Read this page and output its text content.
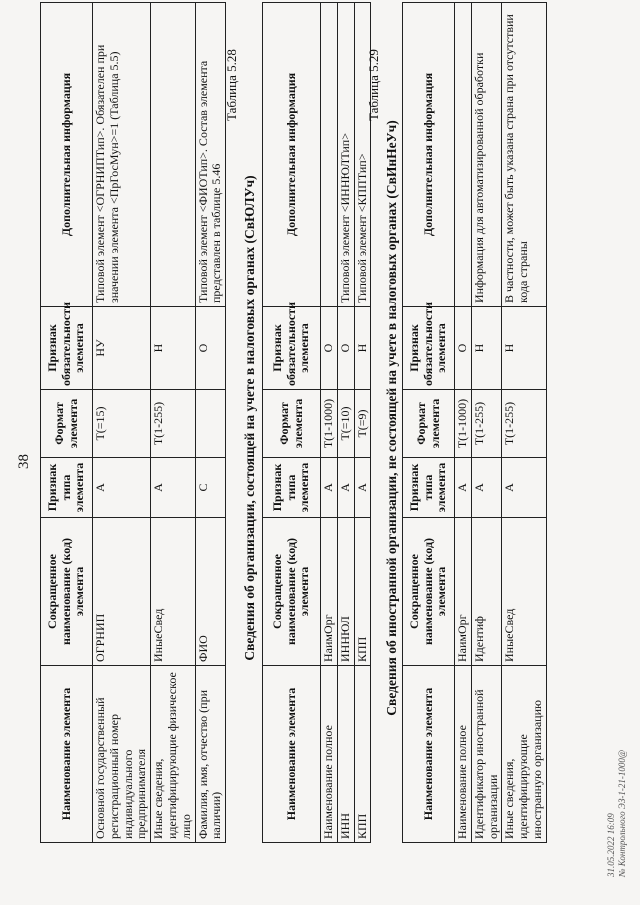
38
Наименование элемента	Сокращенное наименование (код) элемента	Признак типа элемента	Формат элемента	Признак обязательности элемента	Дополнительная информация
Основной государственный регистрационный номер индивидуального предпринимателя	ОГРНИП	А	Т(=15)	НУ	Типовой элемент <ОГРНИПТип>. Обязателен при значении элемента <ПрГосМун>=1 (Таблица 5.5)
Иные сведения, идентифицирующие физическое лицо	ИныеСвед	А	Т(1-255)	Н	
Фамилия, имя, отчество (при наличии)	ФИО	С		О	Типовой элемент <ФИОТип>. Состав элемента представлен в таблице 5.46
Таблица 5.28
Сведения об организации, состоящей на учете в налоговых органах (СвЮЛУч)
Наименование элемента	Сокращенное наименование (код) элемента	Признак типа элемента	Формат элемента	Признак обязательности элемента	Дополнительная информация
Наименование полное	НаимОрг	А	Т(1-1000)	О	
ИНН	ИННЮЛ	А	Т(=10)	О	Типовой элемент <ИННЮЛТип>
КПП	КПП	А	Т(=9)	Н	Типовой элемент <КППТип>
Таблица 5.29
Сведения об иностранной организации, не состоящей на учете в налоговых органах (СвИнНеУч)
Наименование элемента	Сокращенное наименование (код) элемента	Признак типа элемента	Формат элемента	Признак обязательности элемента	Дополнительная информация
Наименование полное	НаимОрг	А	Т(1-1000)	О	
Идентификатор иностранной организации	Идентиф	А	Т(1-255)	Н	Информация для автоматизированной обработки
Иные сведения, идентифицирующие иностранную организацию	ИныеСвед	А	Т(1-255)	Н	В частности, может быть указана страна при отсутствии кода страны
31.05.2022 16:09 № Контрольного ЭЗ-1-21-1000@
